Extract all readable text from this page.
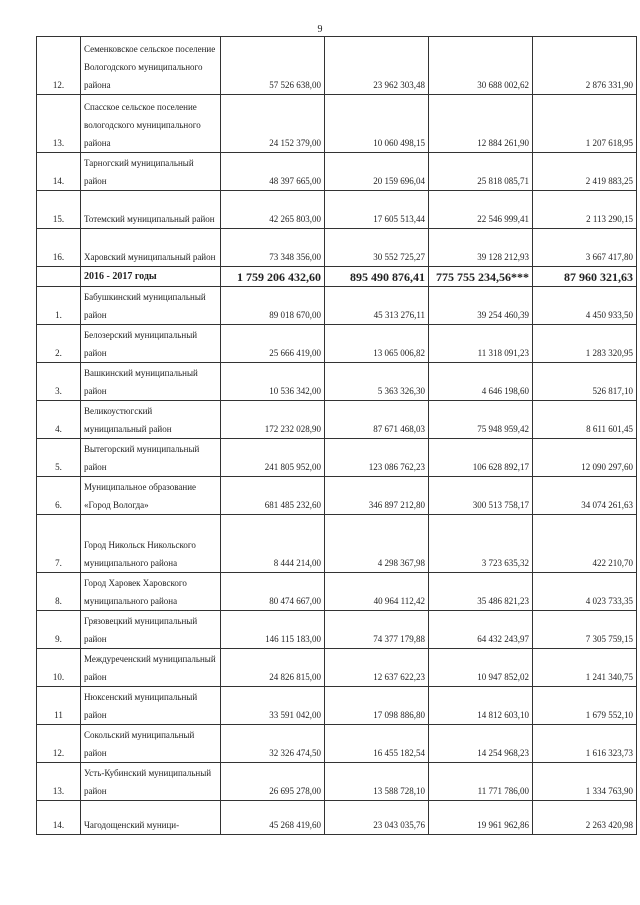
9
12.	Семенковское сельское поселение Вологодского муниципального района	57 526 638,00	23 962 303,48	30 688 002,62	2 876 331,90
13.	Спасское сельское поселение вологодского муниципального района	24 152 379,00	10 060 498,15	12 884 261,90	1 207 618,95
14.	Тарногский муниципальный район	48 397 665,00	20 159 696,04	25 818 085,71	2 419 883,25
15.	Тотемский муниципальный район	42 265 803,00	17 605 513,44	22 546 999,41	2 113 290,15
16.	Харовский муниципальный район	73 348 356,00	30 552 725,27	39 128 212,93	3 667 417,80
	2016 - 2017 годы	1 759 206 432,60	895 490 876,41	775 755 234,56***	87 960 321,63
1.	Бабушкинский муниципальный район	89 018 670,00	45 313 276,11	39 254 460,39	4 450 933,50
2.	Белозерский муниципальный район	25 666 419,00	13 065 006,82	11 318 091,23	1 283 320,95
3.	Вашкинский муниципальный район	10 536 342,00	5 363 326,30	4 646 198,60	526 817,10
4.	Великоустюгский муниципальный район	172 232 028,90	87 671 468,03	75 948 959,42	8 611 601,45
5.	Вытегорский муниципальный район	241 805 952,00	123 086 762,23	106 628 892,17	12 090 297,60
6.	Муниципальное образование «Город Вологда»	681 485 232,60	346 897 212,80	300 513 758,17	34 074 261,63
7.	Город Никольск Никольского муниципального района	8 444 214,00	4 298 367,98	3 723 635,32	422 210,70
8.	Город Харовек Харовского муниципального района	80 474 667,00	40 964 112,42	35 486 821,23	4 023 733,35
9.	Грязовецкий муниципальный район	146 115 183,00	74 377 179,88	64 432 243,97	7 305 759,15
10.	Междуреченский муниципальный район	24 826 815,00	12 637 622,23	10 947 852,02	1 241 340,75
11	Нюксенский муниципальный район	33 591 042,00	17 098 886,80	14 812 603,10	1 679 552,10
12.	Сокольский муниципальный район	32 326 474,50	16 455 182,54	14 254 968,23	1 616 323,73
13.	Усть-Кубинский муниципальный район	26 695 278,00	13 588 728,10	11 771 786,00	1 334 763,90
14.	Чагодощенский муници-	45 268 419,60	23 043 035,76	19 961 962,86	2 263 420,98
